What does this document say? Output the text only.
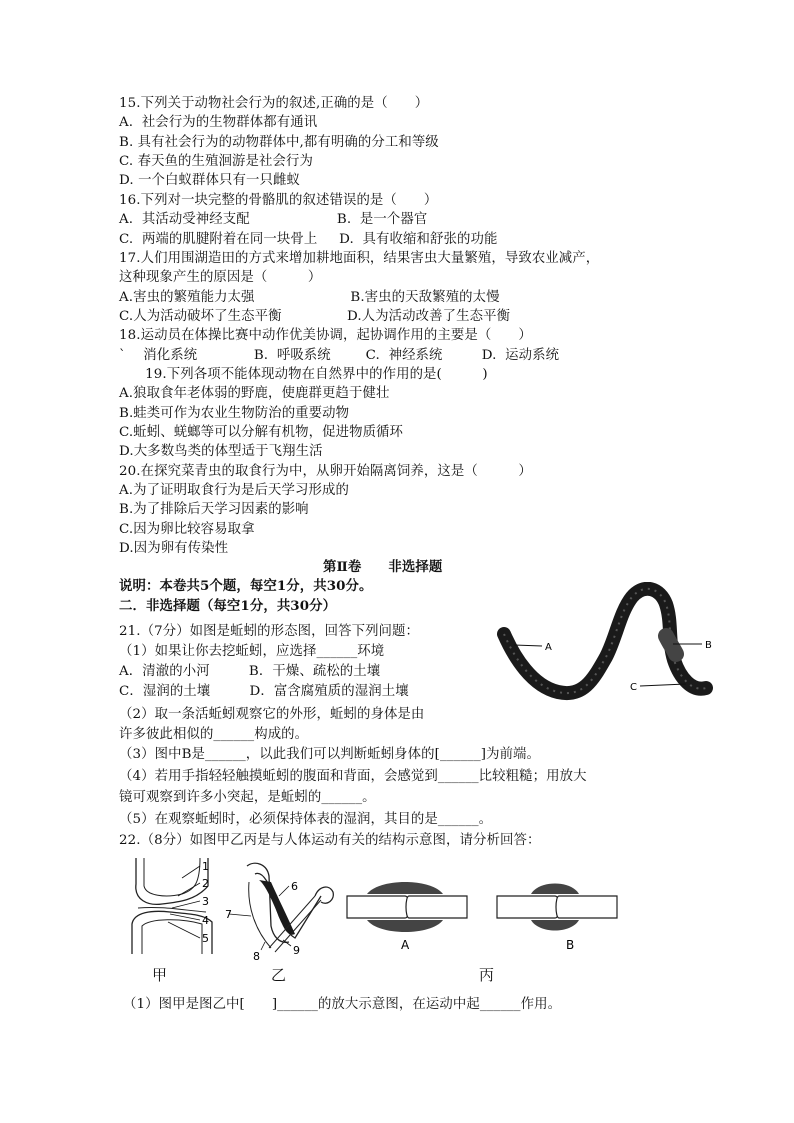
15.下列关于动物社会行为的叙述,正确的是（　　）
A.  社会行为的生物群体都有通讯
B. 具有社会行为的动物群体中,都有明确的分工和等级
C. 春天鱼的生殖洄游是社会行为
D. 一个白蚁群体只有一只雌蚁
16.下列对一块完整的骨骼肌的叙述错误的是（　　）
A.  其活动受神经支配                    B.  是一个器官
C.  两端的肌腱附着在同一块骨上     D.  具有收缩和舒张的功能
17.人们用围湖造田的方式来增加耕地面积，结果害虫大量繁殖，导致农业减产，
这种现象产生的原因是（　　　）
A.害虫的繁殖能力太强                      B.害虫的天敌繁殖的太慢
C.人为活动破坏了生态平衡               D.人为活动改善了生态平衡
18.运动员在体操比赛中动作优美协调，起协调作用的主要是（　　）
`    消化系统             B.  呼吸系统        C.  神经系统         D.  运动系统
19.下列各项不能体现动物在自然界中的作用的是(　　　)
A.狼取食年老体弱的野鹿，使鹿群更趋于健壮
B.蛙类可作为农业生物防治的重要动物
C.蚯蚓、蜣螂等可以分解有机物，促进物质循环
D.大多数鸟类的体型适于飞翔生活
20.在探究菜青虫的取食行为中，从卵开始隔离饲养，这是（　　　）
A.为了证明取食行为是后天学习形成的
B.为了排除后天学习因素的影响
C.因为卵比较容易取拿
D.因为卵有传染性
第Ⅱ卷　　非选择题
说明：本卷共5个题，每空1分，共30分。
二．非选择题（每空1分，共30分）
21.（7分）如图是蚯蚓的形态图，回答下列问题：
（1）如果让你去挖蚯蚓，应选择______环境
A．清澈的小河         B．干燥、疏松的土壤
C．湿润的土壤         D．富含腐殖质的湿润土壤
（2）取一条活蚯蚓观察它的外形，蚯蚓的身体是由
许多彼此相似的______构成的。
（3）图中B是______，以此我们可以判断蚯蚓身体的[______]为前端。
（4）若用手指轻轻触摸蚯蚓的腹面和背面，会感觉到______比较粗糙；用放大
镜可观察到许多小突起，是蚯蚓的______。
（5）在观察蚯蚓时，必须保持体表的湿润，其目的是______。
A	B
C
22.（8分）如图甲乙丙是与人体运动有关的结构示意图，请分析回答：
1
2
3
4
5
6
7
8	9	A	B
甲	乙	丙
（1）图甲是图乙中[　　]______的放大示意图，在运动中起______作用。
